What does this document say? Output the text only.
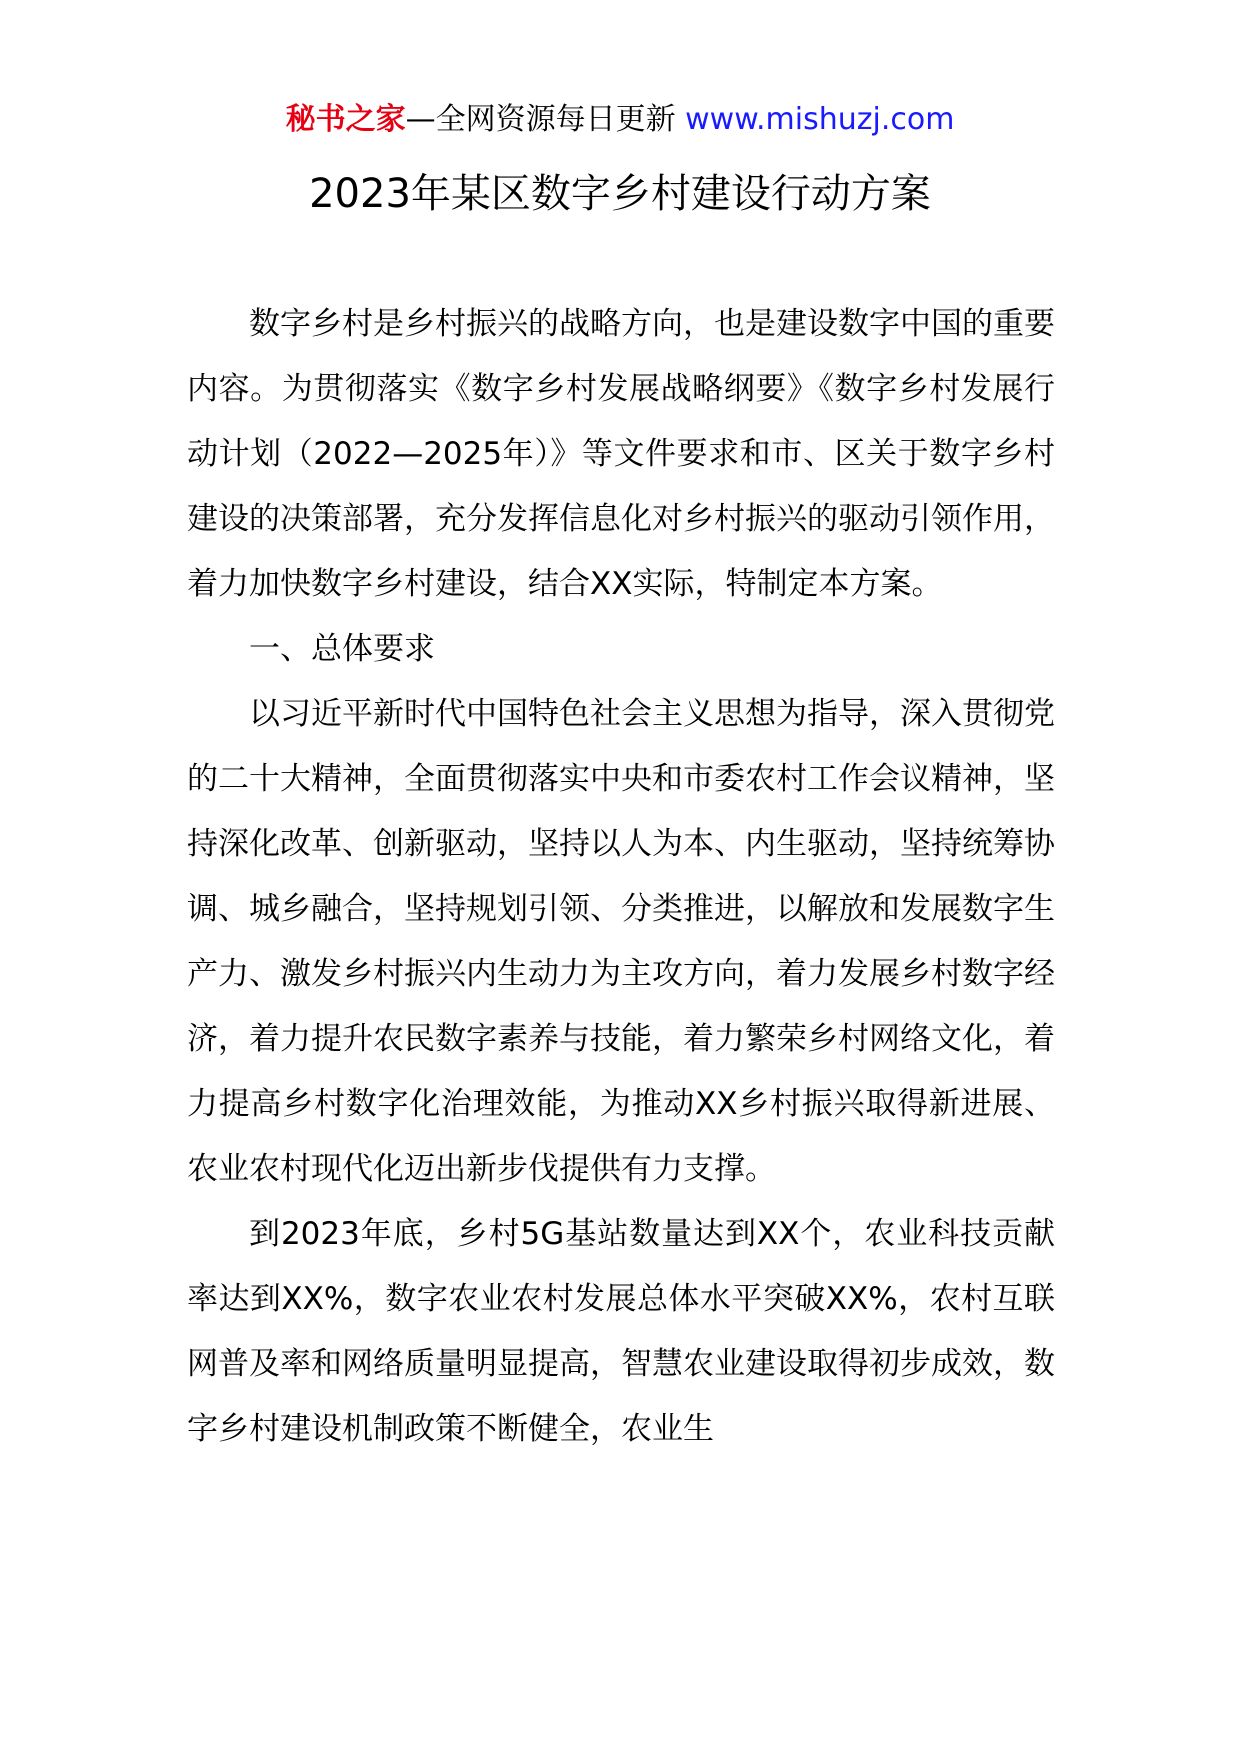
秘书之家—全网资源每日更新 www.mishuzj.com
2023年某区数字乡村建设行动方案

数字乡村是乡村振兴的战略方向，也是建设数字中国的重要内容。为贯彻落实《数字乡村发展战略纲要》《数字乡村发展行动计划（2022—2025年）》等文件要求和市、区关于数字乡村建设的决策部署，充分发挥信息化对乡村振兴的驱动引领作用，着力加快数字乡村建设，结合XX实际，特制定本方案。

一、总体要求

以习近平新时代中国特色社会主义思想为指导，深入贯彻党的二十大精神，全面贯彻落实中央和市委农村工作会议精神，坚持深化改革、创新驱动，坚持以人为本、内生驱动，坚持统筹协调、城乡融合，坚持规划引领、分类推进，以解放和发展数字生产力、激发乡村振兴内生动力为主攻方向，着力发展乡村数字经济，着力提升农民数字素养与技能，着力繁荣乡村网络文化，着力提高乡村数字化治理效能，为推动XX乡村振兴取得新进展、农业农村现代化迈出新步伐提供有力支撑。

到2023年底，乡村5G基站数量达到XX个，农业科技贡献率达到XX%，数字农业农村发展总体水平突破XX%，农村互联网普及率和网络质量明显提高，智慧农业建设取得初步成效，数字乡村建设机制政策不断健全，农业生
